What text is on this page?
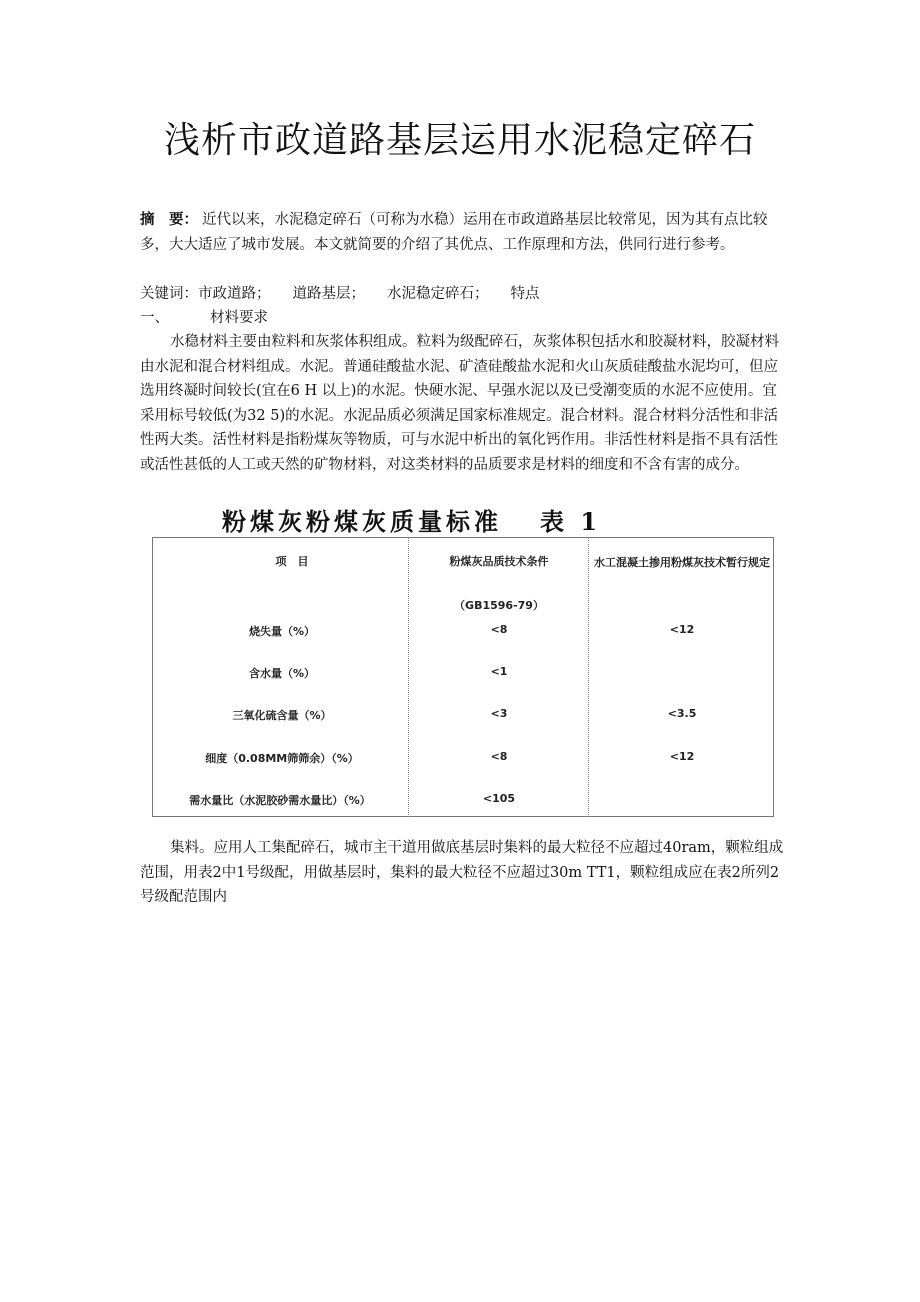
浅析市政道路基层运用水泥稳定碎石
摘　要： 近代以来，水泥稳定碎石（可称为水稳）运用在市政道路基层比较常见，因为其有点比较多，大大适应了城市发展。本文就简要的介绍了其优点、工作原理和方法，供同行进行参考。
关键词：市政道路； 道路基层； 水泥稳定碎石； 特点
一、	材料要求
水稳材料主要由粒料和灰浆体积组成。粒料为级配碎石，灰浆体积包括水和胶凝材料，胶凝材料由水泥和混合材料组成。水泥。普通硅酸盐水泥、矿渣硅酸盐水泥和火山灰质硅酸盐水泥均可，但应选用终凝时间较长(宜在6 H 以上)的水泥。快硬水泥、早强水泥以及已受潮变质的水泥不应使用。宜采用标号较低(为32 5)的水泥。水泥品质必须满足国家标准规定。混合材料。混合材料分活性和非活性两大类。活性材料是指粉煤灰等物质，可与水泥中析出的氧化钙作用。非活性材料是指不具有活性或活性甚低的人工或天然的矿物材料，对这类材料的品质要求是材料的细度和不含有害的成分。
粉煤灰粉煤灰质量标准 表 1
项　目	粉煤灰品质技术条件	水工混凝土掺用粉煤灰技术暂行规定
（GB1596-79）
烧失量（%）	<8	<12
含水量（%）	<1
三氧化硫含量（%）	<3	<3.5
细度（0.08MM筛筛余）（%）	<8	<12
需水量比（水泥胶砂需水量比）（%）	<105
集料。应用人工集配碎石，城市主干道用做底基层时集料的最大粒径不应超过40ram，颗粒组成范围，用表2中1号级配，用做基层时，集料的最大粒径不应超过30m TT1，颗粒组成应在表2所列2号级配范围内
